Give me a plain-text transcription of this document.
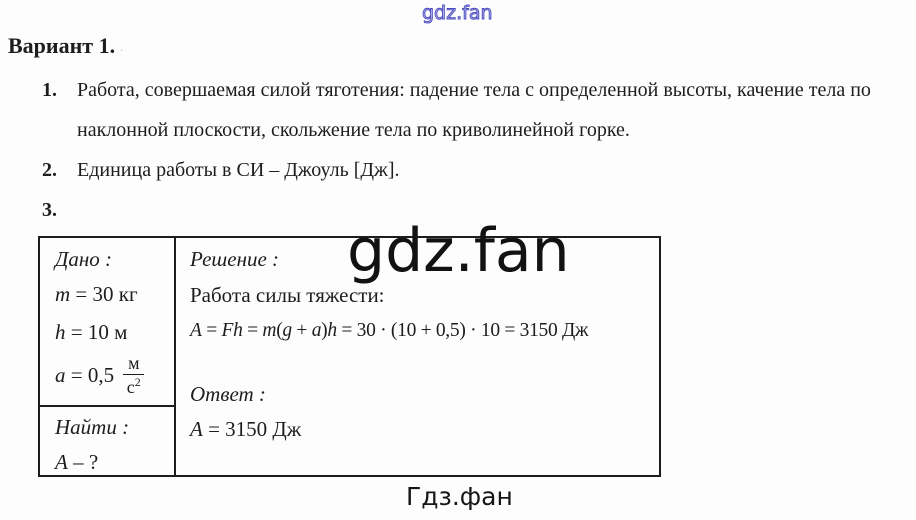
gdz.fan
Вариант 1. .
1.	Работа, совершаемая силой тяготения: падение тела с определенной высоты, качение тела по наклонной плоскости, скольжение тела по криволинейной горке.
2.	Единица работы в СИ – Джоуль [Дж].
3.
Дано :
m = 30 кг
h = 10 м
$a = 0,5 \frac{м}{с^2}$
Найти :
A – ?
Решение :
Работа силы тяжести:
A = Fh = m(g + a)h = 30 · (10 + 0,5) · 10 = 3150 Дж
Ответ :
A = 3150 Дж
gdz.fan
Гдз.фан
